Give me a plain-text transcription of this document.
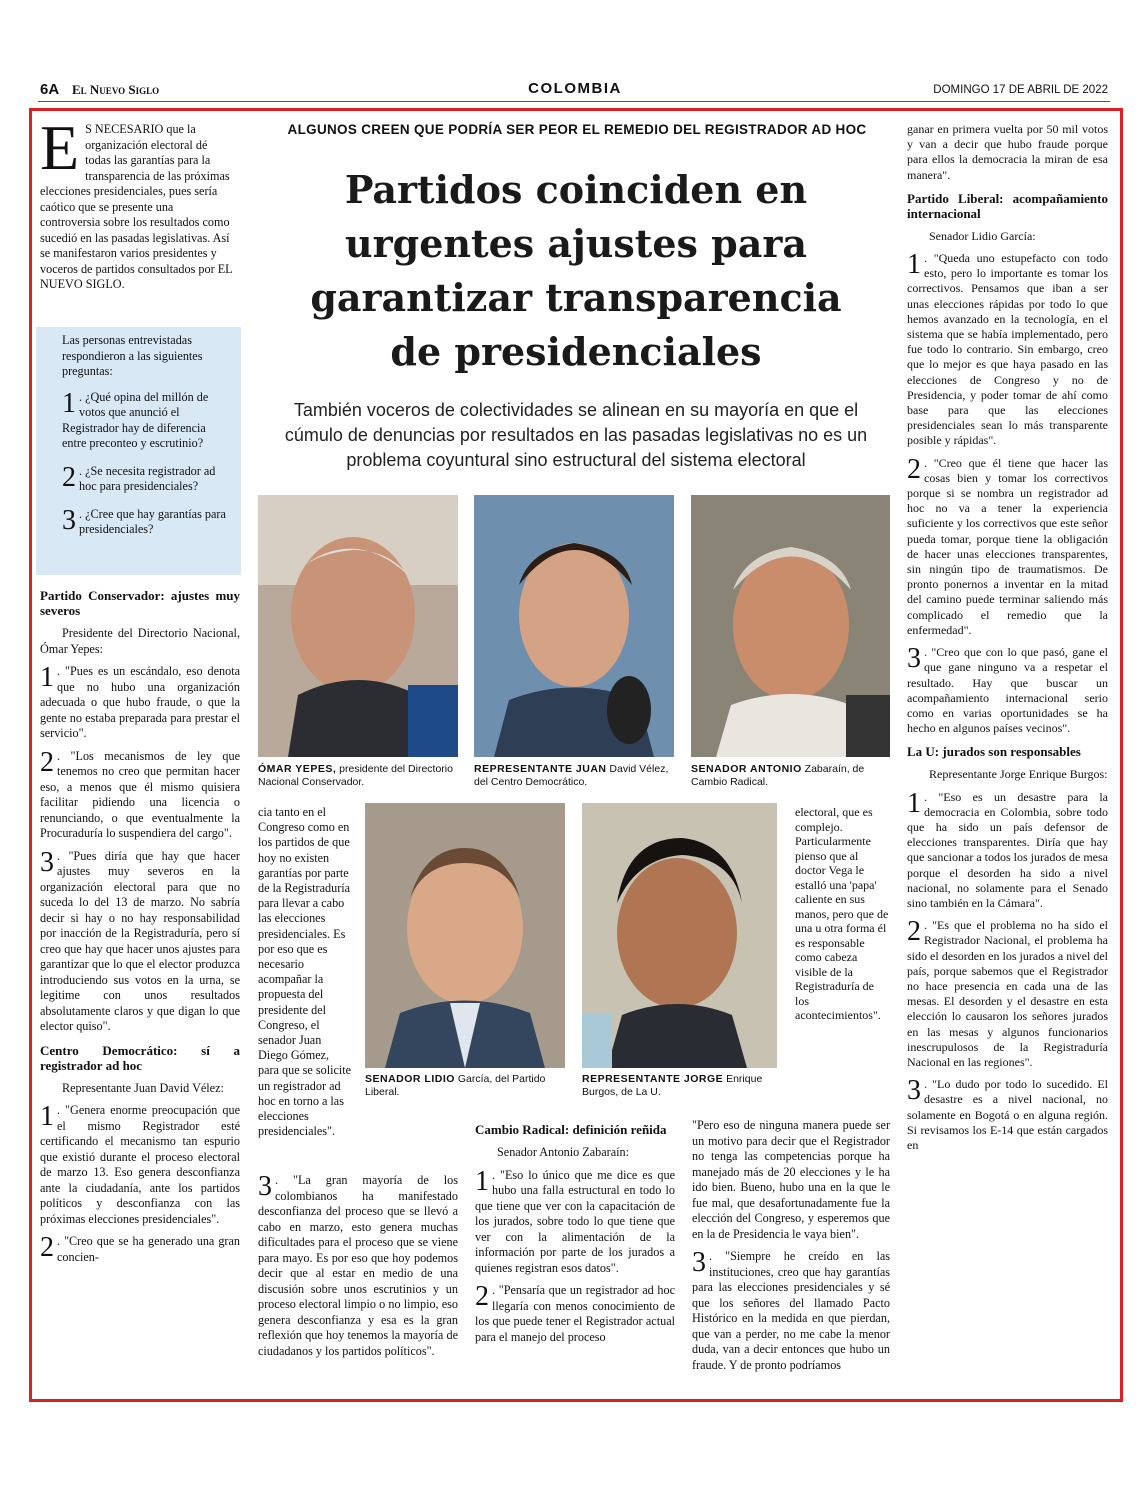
6A El Nuevo Siglo	COLOMBIA	DOMINGO 17 DE ABRIL DE 2022
E S NECESARIO que la organización electoral dé todas las garantías para la transparencia de las próximas elecciones presidenciales, pues sería caótico que se presente una controversia sobre los resultados como sucedió en las pasadas legislativas. Así se manifestaron varios presidentes y voceros de partidos consultados por EL NUEVO SIGLO.

Las personas entrevistadas respondieron a las siguientes preguntas:

1 . ¿Qué opina del millón de votos que anunció el Registrador hay de diferencia entre preconteo y escrutinio?

2 . ¿Se necesita registrador ad hoc para presidenciales?

3 . ¿Cree que hay garantías para presidenciales?

Partido Conservador: ajustes muy severos

Presidente del Directorio Nacional, Ómar Yepes:

1 . "Pues es un escándalo, eso denota que no hubo una organización adecuada o que hubo fraude, o que la gente no estaba preparada para prestar el servicio".

2 . "Los mecanismos de ley que tenemos no creo que permitan hacer eso, a menos que él mismo quisiera facilitar pidiendo una licencia o renunciando, o que eventualmente la Procuraduría lo suspendiera del cargo".

3 . "Pues diría que hay que hacer ajustes muy severos en la organización electoral para que no suceda lo del 13 de marzo. No sabría decir si hay o no hay responsabilidad por inacción de la Registraduría, pero sí creo que hay que hacer unos ajustes para garantizar que lo que el elector produzca introduciendo sus votos en la urna, se legitime con unos resultados absolutamente claros y que digan lo que elector quiso".

Centro Democrático: sí a registrador ad hoc

Representante Juan David Vélez:

1 . "Genera enorme preocupación que el mismo Registrador esté certificando el mecanismo tan espurio que existió durante el proceso electoral de marzo 13. Eso genera desconfianza ante la ciudadanía, ante los partidos políticos y desconfianza con las próximas elecciones presidenciales".

2 . "Creo que se ha generado una gran concien-

ALGUNOS CREEN QUE PODRÍA SER PEOR EL REMEDIO DEL REGISTRADOR AD HOC
Partidos coinciden en urgentes ajustes para garantizar transparencia de presidenciales
También voceros de colectividades se alinean en su mayoría en que el cúmulo de denuncias por resultados en las pasadas legislativas no es un problema coyuntural sino estructural del sistema electoral
ÓMAR YEPES, presidente del Directorio Nacional Conservador.
REPRESENTANTE JUAN David Vélez, del Centro Democrático.
SENADOR ANTONIO Zabaraín, de Cambio Radical.
SENADOR LIDIO García, del Partido Liberal.
REPRESENTANTE JORGE Enrique Burgos, de La U.

cia tanto en el Congreso como en los partidos de que hoy no existen garantías por parte de la Registraduría para llevar a cabo las elecciones presidenciales. Es por eso que es necesario acompañar la propuesta del presidente del Congreso, el senador Juan Diego Gómez, para que se solicite un registrador ad hoc en torno a las elecciones presidenciales".

3 . "La gran mayoría de los colombianos ha manifestado desconfianza del proceso que se llevó a cabo en marzo, esto genera muchas dificultades para el proceso que se viene para mayo. Es por eso que hoy podemos decir que al estar en medio de una discusión sobre unos escrutinios y un proceso electoral limpio o no limpio, eso genera desconfianza y esa es la gran reflexión que hoy tenemos la mayoría de ciudadanos y los partidos políticos".

Cambio Radical: definición reñida

Senador Antonio Zabaraín:

1 . "Eso lo único que me dice es que hubo una falla estructural en todo lo que tiene que ver con la capacitación de los jurados, sobre todo lo que tiene que ver con la alimentación de la información por parte de los jurados a quienes registran esos datos".

2 . "Pensaría que un registrador ad hoc llegaría con menos conocimiento de los que puede tener el Registrador actual para el manejo del proceso

electoral, que es complejo. Particularmente pienso que al doctor Vega le estalló una 'papa' caliente en sus manos, pero que de una u otra forma él es responsable como cabeza visible de la Registraduría de los acontecimientos".

"Pero eso de ninguna manera puede ser un motivo para decir que el Registrador no tenga las competencias porque ha manejado más de 20 elecciones y le ha ido bien. Bueno, hubo una en la que le fue mal, que desafortunadamente fue la elección del Congreso, y esperemos que en la de Presidencia le vaya bien".

3 . "Siempre he creído en las instituciones, creo que hay garantías para las elecciones presidenciales y sé que los señores del llamado Pacto Histórico en la medida en que pierdan, que van a perder, no me cabe la menor duda, van a decir entonces que hubo un fraude. Y de pronto podríamos

ganar en primera vuelta por 50 mil votos y van a decir que hubo fraude porque para ellos la democracia la miran de esa manera".

Partido Liberal: acompañamiento internacional

Senador Lidio García:

1 . "Queda uno estupefacto con todo esto, pero lo importante es tomar los correctivos. Pensamos que iban a ser unas elecciones rápidas por todo lo que hemos avanzado en la tecnología, en el sistema que se había implementado, pero fue todo lo contrario. Sin embargo, creo que lo mejor es que haya pasado en las elecciones de Congreso y no de Presidencia, y poder tomar de ahí como base para que las elecciones presidenciales sean lo más transparente posible y rápidas".

2 . "Creo que él tiene que hacer las cosas bien y tomar los correctivos porque si se nombra un registrador ad hoc no va a tener la experiencia suficiente y los correctivos que este señor pueda tomar, porque tiene la obligación de hacer unas elecciones transparentes, sin ningún tipo de traumatismos. De pronto ponernos a inventar en la mitad del camino puede terminar saliendo más complicado el remedio que la enfermedad".

3 . "Creo que con lo que pasó, gane el que gane ninguno va a respetar el resultado. Hay que buscar un acompañamiento internacional serio como en varias oportunidades se ha hecho en algunos países vecinos".

La U: jurados son responsables

Representante Jorge Enrique Burgos:

1 . "Eso es un desastre para la democracia en Colombia, sobre todo que ha sido un país defensor de elecciones transparentes. Diría que hay que sancionar a todos los jurados de mesa porque el desorden ha sido a nivel nacional, no solamente para el Senado sino también en la Cámara".

2 . "Es que el problema no ha sido el Registrador Nacional, el problema ha sido el desorden en los jurados a nivel del país, porque sabemos que el Registrador no hace presencia en cada una de las mesas. El desorden y el desastre en esta elección lo causaron los señores jurados en las mesas y algunos funcionarios inescrupulosos de la Registraduría Nacional en las regiones".

3 . "Lo dudo por todo lo sucedido. El desastre es a nivel nacional, no solamente en Bogotá o en alguna región. Si revisamos los E-14 que están cargados en
